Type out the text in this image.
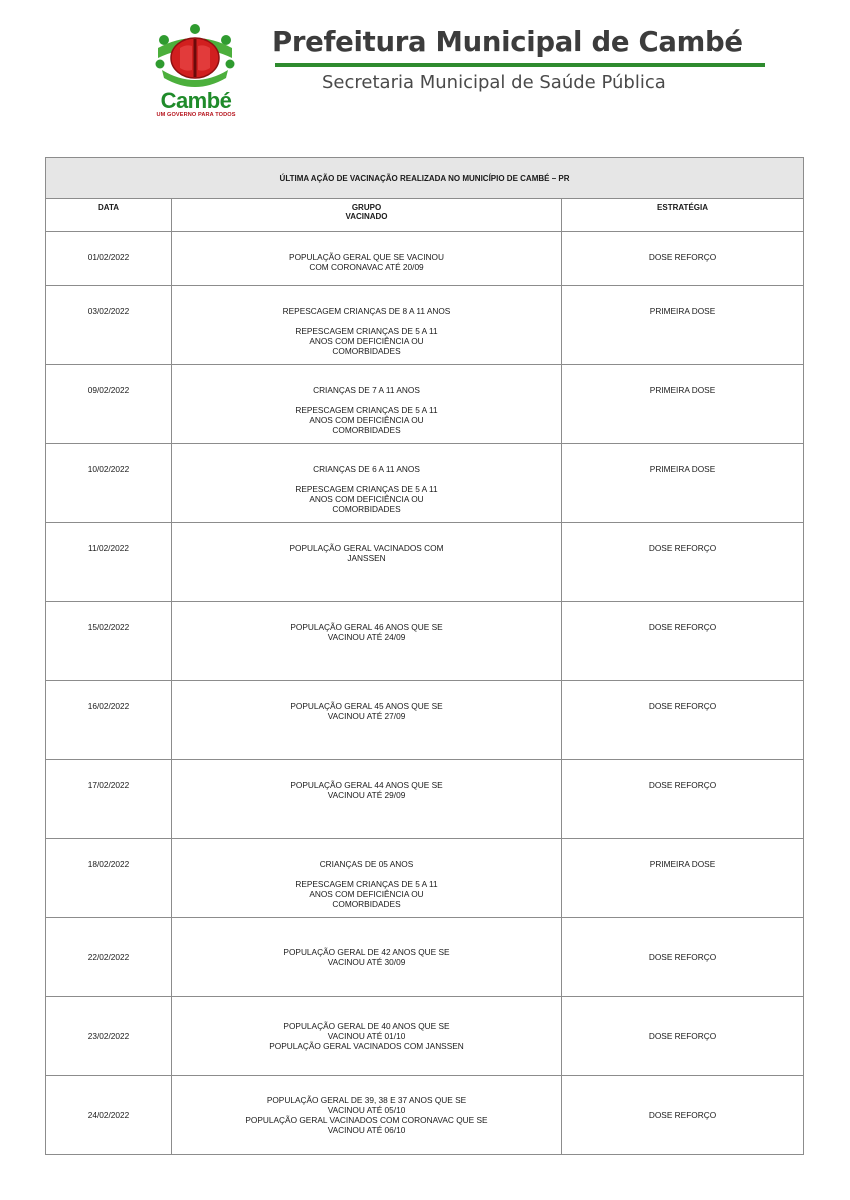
Cambé
UM GOVERNO PARA TODOS
Prefeitura Municipal de Cambé
Secretaria Municipal de Saúde Pública
ÚLTIMA AÇÃO DE VACINAÇÃO REALIZADA NO MUNICÍPIO DE CAMBÉ – PR		
DATA	GRUPO
VACINADO	ESTRATÉGIA
01/02/2022	POPULAÇÃO GERAL QUE SE VACINOU
COM CORONAVAC ATÉ 20/09	DOSE REFORÇO
03/02/2022	REPESCAGEM CRIANÇAS DE 8 A 11 ANOS
REPESCAGEM CRIANÇAS DE 5 A 11
ANOS COM DEFICIÊNCIA OU
COMORBIDADES	PRIMEIRA DOSE
09/02/2022	CRIANÇAS DE 7 A 11 ANOS
REPESCAGEM CRIANÇAS DE 5 A 11
ANOS COM DEFICIÊNCIA OU
COMORBIDADES	PRIMEIRA DOSE
10/02/2022	CRIANÇAS DE 6 A 11 ANOS
REPESCAGEM CRIANÇAS DE 5 A 11
ANOS COM DEFICIÊNCIA OU
COMORBIDADES	PRIMEIRA DOSE
11/02/2022	POPULAÇÃO GERAL VACINADOS COM
JANSSEN	DOSE REFORÇO
15/02/2022	POPULAÇÃO GERAL 46 ANOS QUE SE
VACINOU ATÉ 24/09	DOSE REFORÇO
16/02/2022	POPULAÇÃO GERAL 45 ANOS QUE SE
VACINOU ATÉ 27/09	DOSE REFORÇO
17/02/2022	POPULAÇÃO GERAL 44 ANOS QUE SE
VACINOU ATÉ 29/09	DOSE REFORÇO
18/02/2022	CRIANÇAS DE 05 ANOS
REPESCAGEM CRIANÇAS DE 5 A 11
ANOS COM DEFICIÊNCIA OU
COMORBIDADES	PRIMEIRA DOSE
22/02/2022	POPULAÇÃO GERAL DE 42 ANOS QUE SE
VACINOU ATÉ 30/09	DOSE REFORÇO
23/02/2022	POPULAÇÃO GERAL DE 40 ANOS QUE SE
VACINOU ATÉ 01/10
POPULAÇÃO GERAL VACINADOS COM JANSSEN	DOSE REFORÇO
24/02/2022	POPULAÇÃO GERAL DE 39, 38 E 37 ANOS QUE SE
VACINOU ATÉ 05/10
POPULAÇÃO GERAL VACINADOS COM CORONAVAC QUE SE
VACINOU ATÉ 06/10	DOSE REFORÇO
